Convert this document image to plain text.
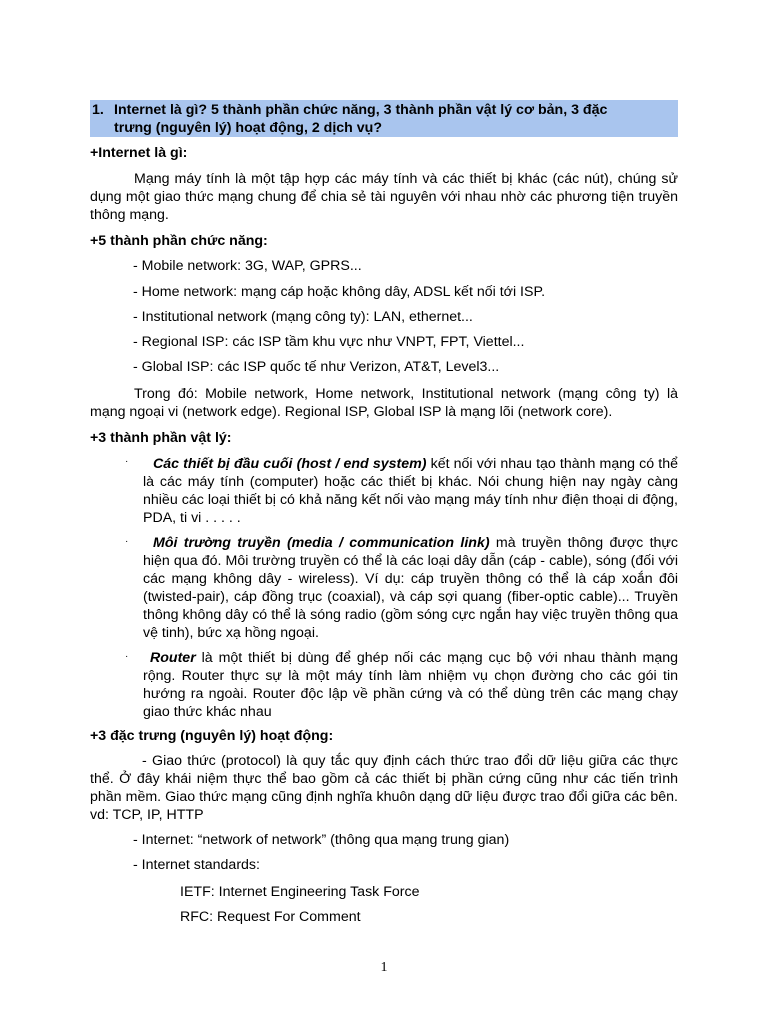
1. Internet là gì? 5 thành phần chức năng, 3 thành phần vật lý cơ bản, 3 đặc
trưng (nguyên lý) hoạt động, 2 dịch vụ?
+Internet là gì:
Mạng máy tính là một tập hợp các máy tính và các thiết bị khác (các nút), chúng sử dụng một giao thức mạng chung để chia sẻ tài nguyên với nhau nhờ các phương tiện truyền thông mạng.
+5 thành phần chức năng:
- Mobile network: 3G, WAP, GPRS...
- Home network: mạng cáp hoặc không dây, ADSL kết nối tới ISP.
- Institutional network (mạng công ty): LAN, ethernet...
- Regional ISP: các ISP tầm khu vực như VNPT, FPT, Viettel...
- Global ISP: các ISP quốc tế như Verizon, AT&T, Level3...
Trong đó: Mobile network, Home network, Institutional network (mạng công ty) là mạng ngoại vi (network edge). Regional ISP, Global ISP là mạng lõi (network core).
+3 thành phần vật lý:
·	Các thiết bị đầu cuối (host / end system) kết nối với nhau tạo thành mạng có thể là các máy tính (computer) hoặc các thiết bị khác. Nói chung hiện nay ngày càng nhiều các loại thiết bị có khả năng kết nối vào mạng máy tính như điện thoại di động, PDA, ti vi . . . . .
·	Môi trường truyền (media / communication link) mà truyền thông được thực hiện qua đó. Môi trường truyền có thể là các loại dây dẫn (cáp - cable), sóng (đối với các mạng không dây - wireless). Ví dụ: cáp truyền thông có thể là cáp xoắn đôi (twisted-pair), cáp đồng trục (coaxial), và cáp sợi quang (fiber-optic cable)... Truyền thông không dây có thể là sóng radio (gồm sóng cực ngắn hay việc truyền thông qua vệ tinh), bức xạ hồng ngoại.
·	Router là một thiết bị dùng để ghép nối các mạng cục bộ với nhau thành mạng rộng. Router thực sự là một máy tính làm nhiệm vụ chọn đường cho các gói tin hướng ra ngoài. Router độc lập về phần cứng và có thể dùng trên các mạng chạy giao thức khác nhau
+3 đặc trưng (nguyên lý) hoạt động:
- Giao thức (protocol) là quy tắc quy định cách thức trao đổi dữ liệu giữa các thực thể. Ở đây khái niệm thực thể bao gồm cả các thiết bị phần cứng cũng như các tiến trình phần mềm. Giao thức mạng cũng định nghĩa khuôn dạng dữ liệu được trao đổi giữa các bên. vd: TCP, IP, HTTP
- Internet: “network of network” (thông qua mạng trung gian)
- Internet standards:
IETF: Internet Engineering Task Force
RFC: Request For Comment
1
